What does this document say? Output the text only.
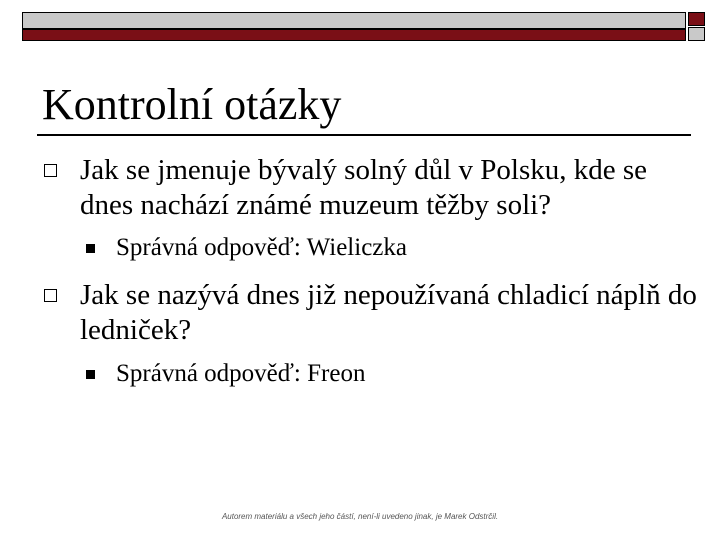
Kontrolní otázky
Jak se jmenuje bývalý solný důl v Polsku, kde se dnes nachází známé muzeum těžby soli?
Správná odpověď: Wieliczka
Jak se nazývá dnes již nepoužívaná chladicí náplň do ledniček?
Správná odpověď: Freon
Autorem materiálu a všech jeho částí, není-li uvedeno jinak, je Marek Odstrčil.
